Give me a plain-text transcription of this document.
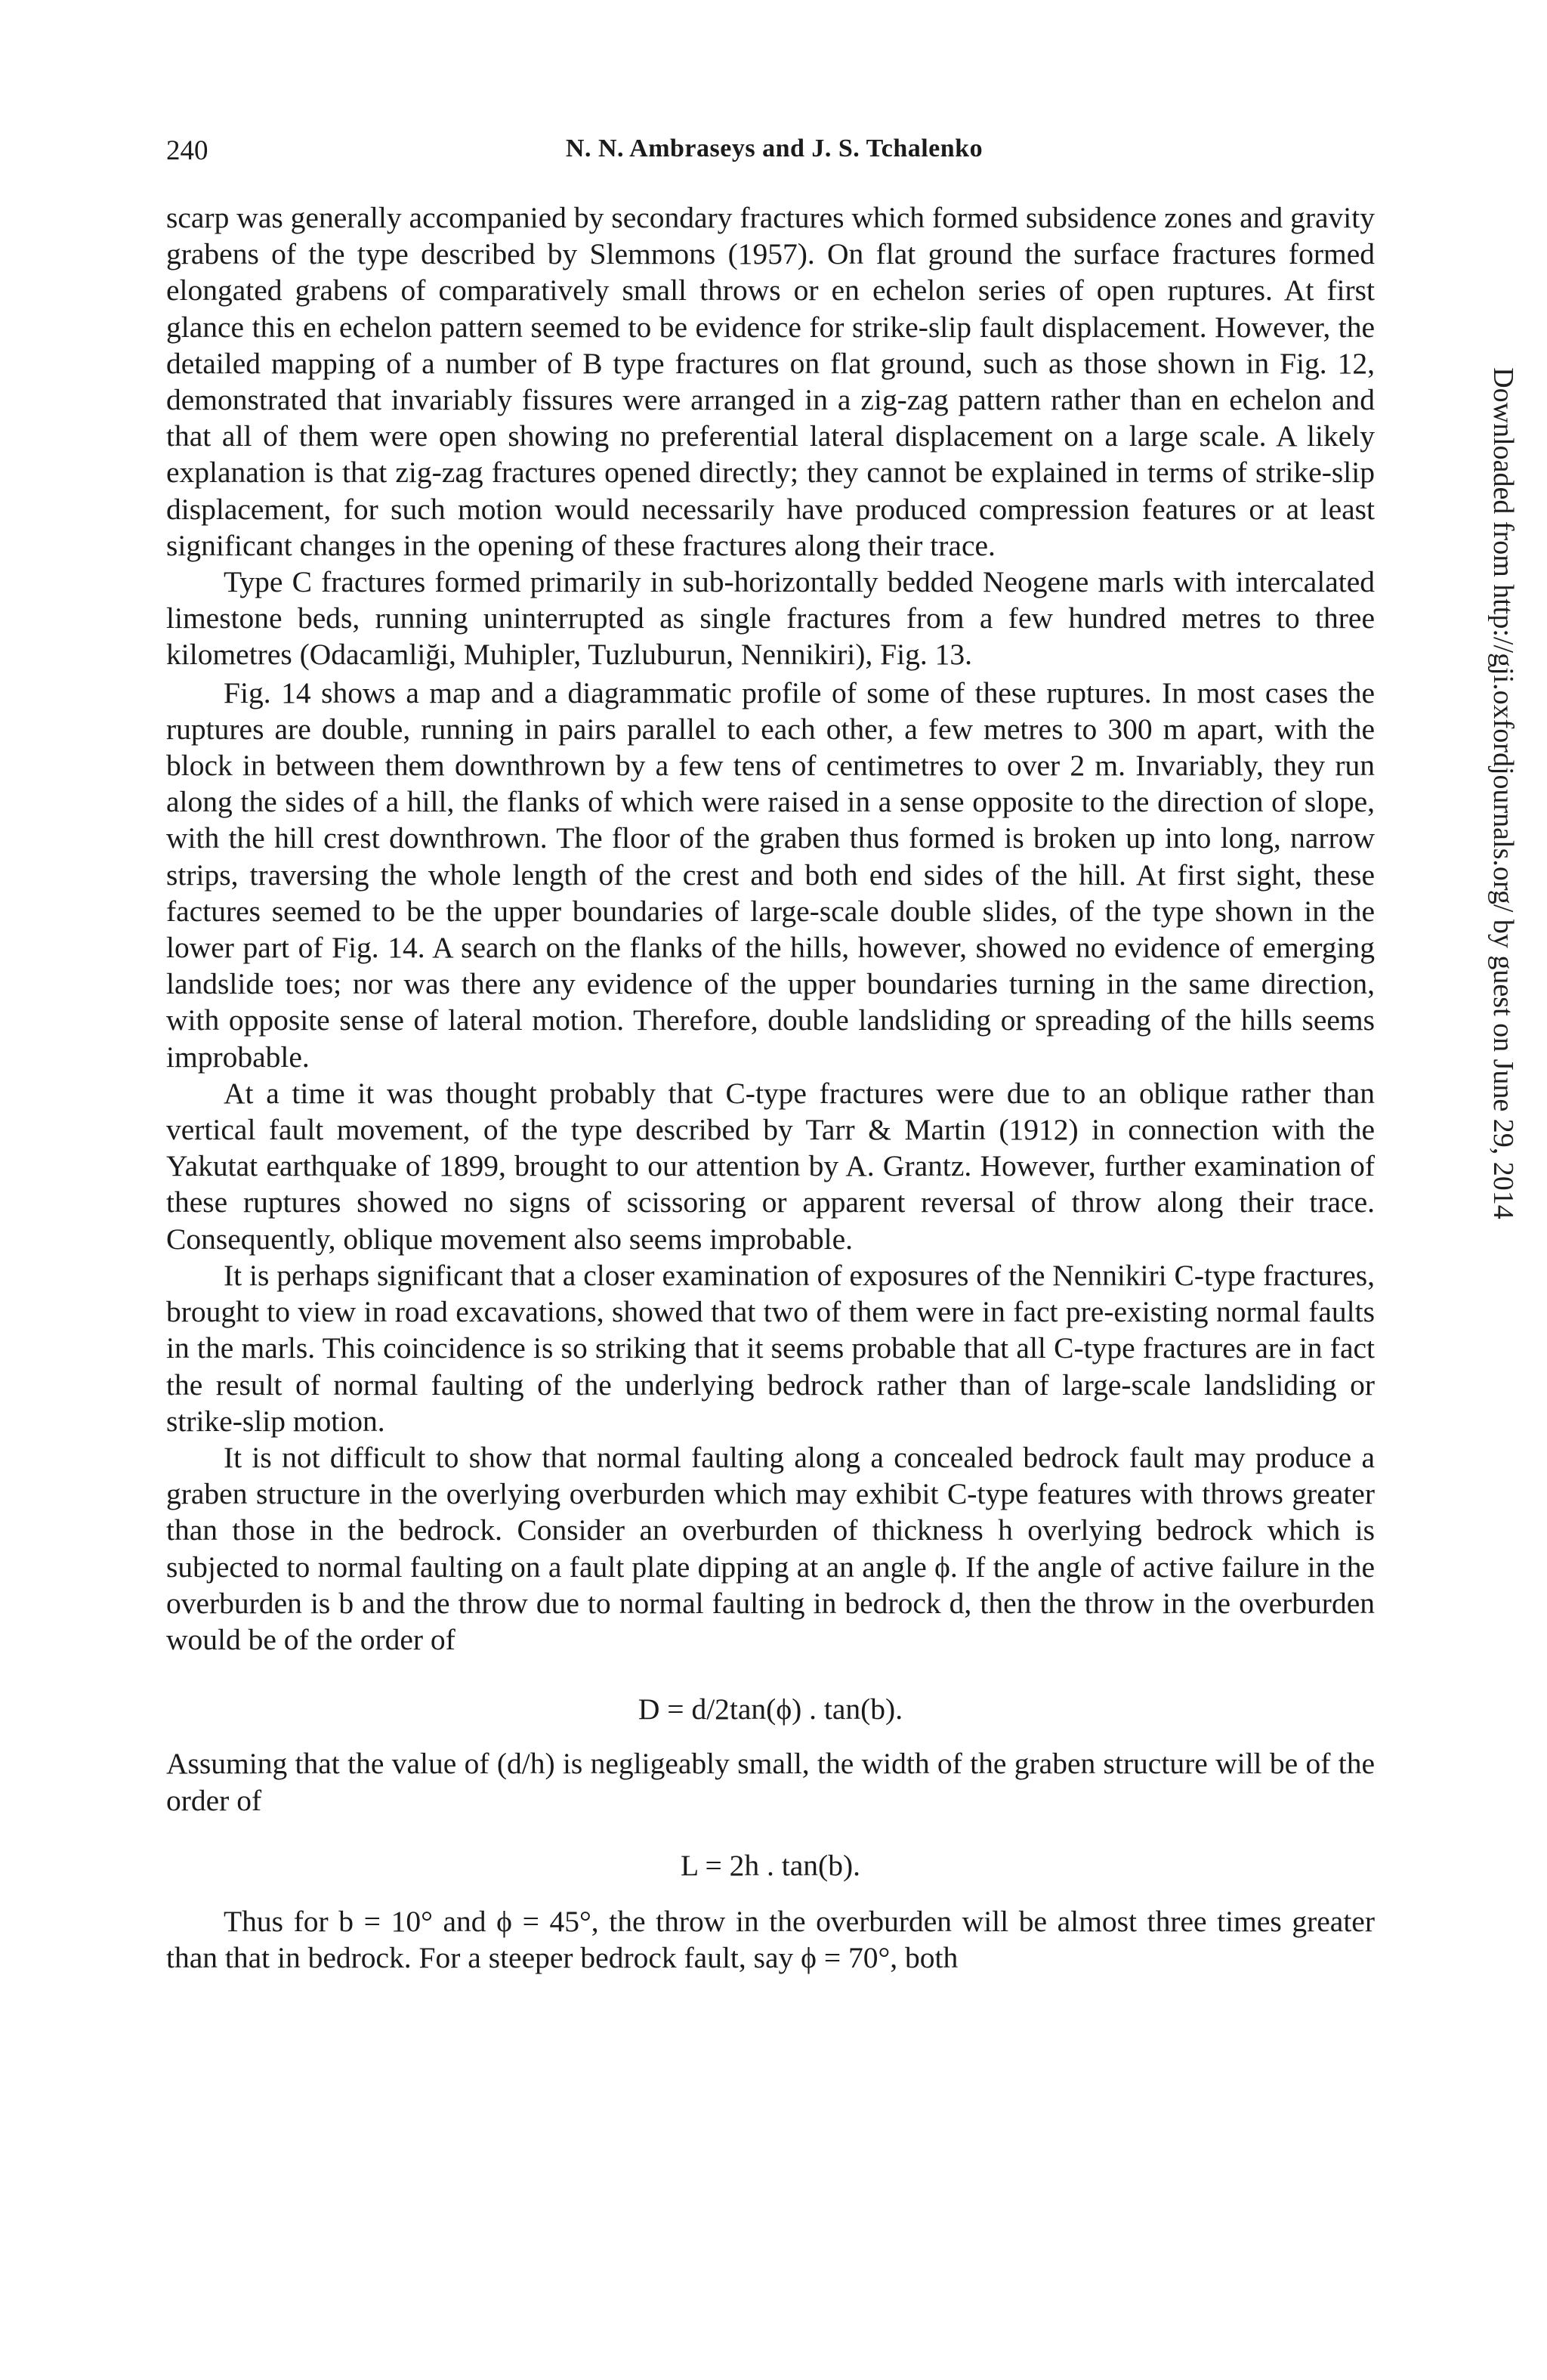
240	N. N. Ambraseys and J. S. Tchalenko

scarp was generally accompanied by secondary fractures which formed subsidence zones and gravity grabens of the type described by Slemmons (1957). On flat ground the surface fractures formed elongated grabens of comparatively small throws or en echelon series of open ruptures. At first glance this en echelon pattern seemed to be evidence for strike-slip fault displacement. However, the detailed mapping of a number of B type fractures on flat ground, such as those shown in Fig. 12, demonstrated that invariably fissures were arranged in a zig-zag pattern rather than en echelon and that all of them were open showing no preferential lateral displacement on a large scale. A likely explanation is that zig-zag fractures opened directly; they cannot be explained in terms of strike-slip displacement, for such motion would necessarily have produced compression features or at least significant changes in the opening of these fractures along their trace.

Type C fractures formed primarily in sub-horizontally bedded Neogene marls with intercalated limestone beds, running uninterrupted as single fractures from a few hundred metres to three kilometres (Odacamliği, Muhipler, Tuzluburun, Nennikiri), Fig. 13.

Fig. 14 shows a map and a diagrammatic profile of some of these ruptures. In most cases the ruptures are double, running in pairs parallel to each other, a few metres to 300 m apart, with the block in between them downthrown by a few tens of centimetres to over 2 m. Invariably, they run along the sides of a hill, the flanks of which were raised in a sense opposite to the direction of slope, with the hill crest downthrown. The floor of the graben thus formed is broken up into long, narrow strips, traversing the whole length of the crest and both end sides of the hill. At first sight, these factures seemed to be the upper boundaries of large-scale double slides, of the type shown in the lower part of Fig. 14. A search on the flanks of the hills, however, showed no evidence of emerging landslide toes; nor was there any evidence of the upper boundaries turning in the same direction, with opposite sense of lateral motion. Therefore, double landsliding or spreading of the hills seems improbable.

At a time it was thought probably that C-type fractures were due to an oblique rather than vertical fault movement, of the type described by Tarr & Martin (1912) in connection with the Yakutat earthquake of 1899, brought to our attention by A. Grantz. However, further examination of these ruptures showed no signs of scissoring or apparent reversal of throw along their trace. Consequently, oblique movement also seems improbable.

It is perhaps significant that a closer examination of exposures of the Nennikiri C-type fractures, brought to view in road excavations, showed that two of them were in fact pre-existing normal faults in the marls. This coincidence is so striking that it seems probable that all C-type fractures are in fact the result of normal faulting of the underlying bedrock rather than of large-scale landsliding or strike-slip motion.

It is not difficult to show that normal faulting along a concealed bedrock fault may produce a graben structure in the overlying overburden which may exhibit C-type features with throws greater than those in the bedrock. Consider an overburden of thickness h overlying bedrock which is subjected to normal faulting on a fault plate dipping at an angle ϕ. If the angle of active failure in the overburden is b and the throw due to normal faulting in bedrock d, then the throw in the overburden would be of the order of

D = d/2tan(ϕ) . tan(b).

Assuming that the value of (d/h) is negligeably small, the width of the graben structure will be of the order of

L = 2h . tan(b).

Thus for b = 10° and ϕ = 45°, the throw in the overburden will be almost three times greater than that in bedrock. For a steeper bedrock fault, say ϕ = 70°, both

Downloaded from http://gji.oxfordjournals.org/ by guest on June 29, 2014
